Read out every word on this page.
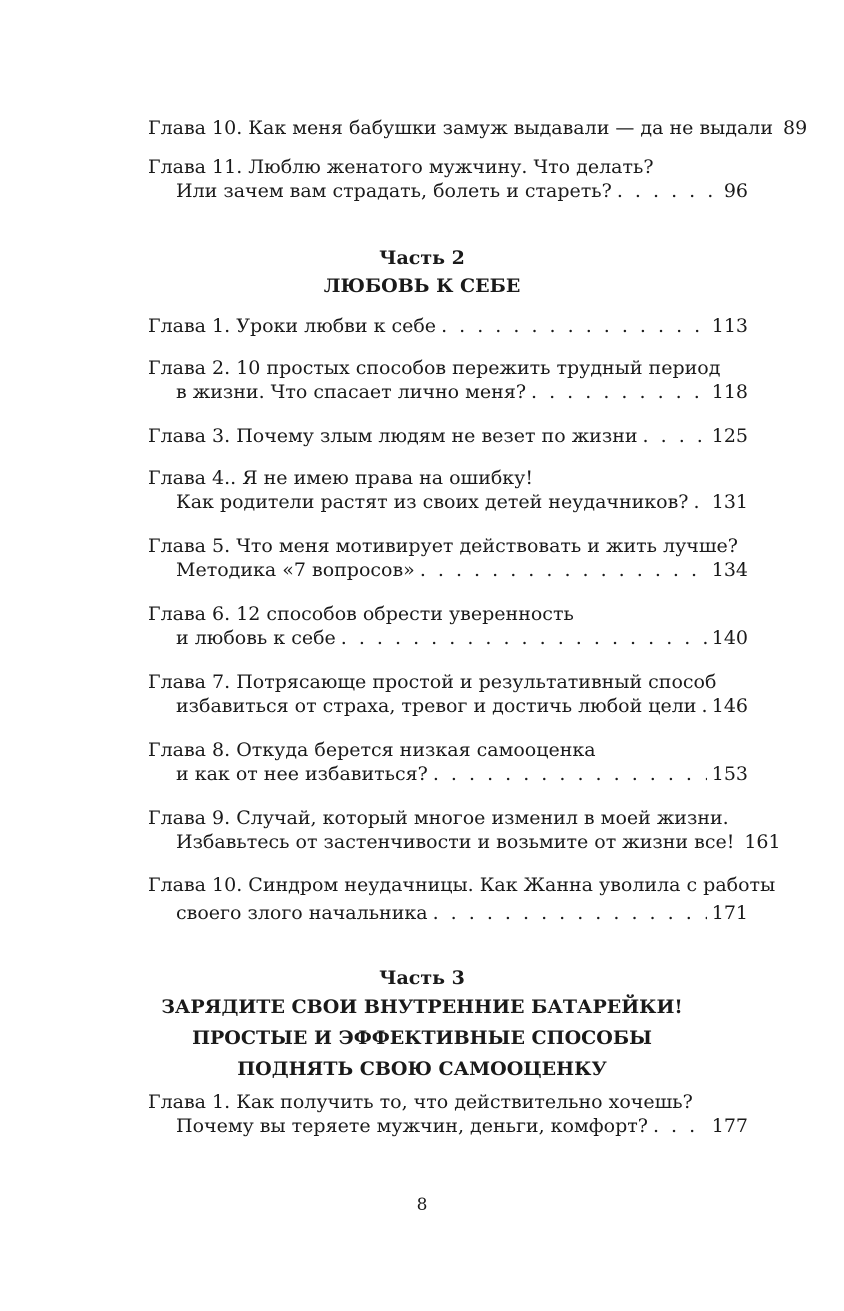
Глава 10. Как меня бабушки замуж выдавали — да не выдали 89
Глава 11. Люблю женатого мужчину. Что делать?
Или зачем вам страдать, болеть и стареть? . . .	96
Часть 2
ЛЮБОВЬ К СЕБЕ
Глава 1. Уроки любви к себе . . .	113
Глава 2. 10 простых способов пережить трудный период
в жизни. Что спасает лично меня? . . .	118
Глава 3. Почему злым людям не везет по жизни . . .	125
Глава 4.. Я не имею права на ошибку!
Как родители растят из своих детей неудачников? . . . 131
Глава 5. Что меня мотивирует действовать и жить лучше?
Методика «7 вопросов» . . .	134
Глава 6. 12 способов обрести уверенность
и любовь к себе . . .	140
Глава 7. Потрясающе простой и результативный способ
избавиться от страха, тревог и достичь любой цели . . . 146
Глава 8. Откуда берется низкая самооценка
и как от нее избавиться? . . .	153
Глава 9. Случай, который многое изменил в моей жизни.
Избавьтесь от застенчивости и возьмите от жизни все! 161
Глава 10. Синдром неудачницы. Как Жанна уволила с работы
своего злого начальника . . .	171
Часть 3
ЗАРЯДИТЕ СВОИ ВНУТРЕННИЕ БАТАРЕЙКИ!
ПРОСТЫЕ И ЭФФЕКТИВНЫЕ СПОСОБЫ
ПОДНЯТЬ СВОЮ САМООЦЕНКУ
Глава 1. Как получить то, что действительно хочешь?
Почему вы теряете мужчин, деньги, комфорт? . . .	177
8
